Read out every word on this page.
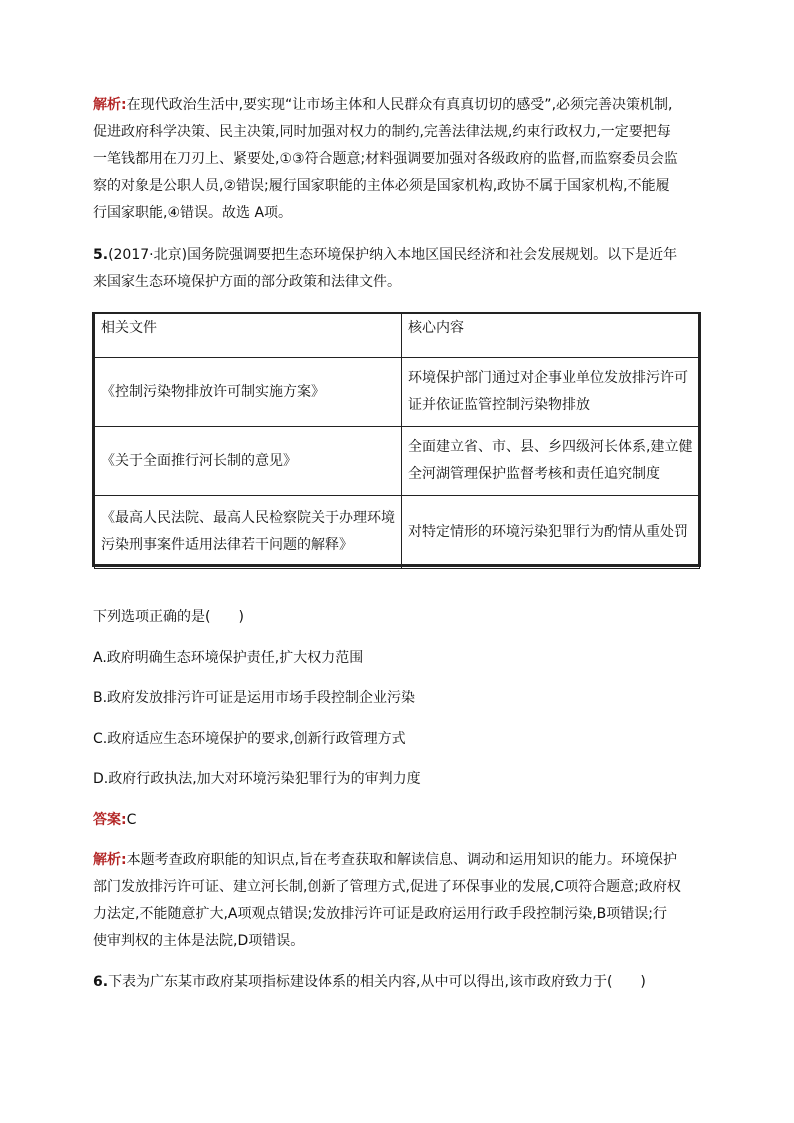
解析:在现代政治生活中,要实现“让市场主体和人民群众有真真切切的感受”,必须完善决策机制,
促进政府科学决策、民主决策,同时加强对权力的制约,完善法律法规,约束行政权力,一定要把每
一笔钱都用在刀刃上、紧要处,①③符合题意;材料强调要加强对各级政府的监督,而监察委员会监
察的对象是公职人员,②错误;履行国家职能的主体必须是国家机构,政协不属于国家机构,不能履
行国家职能,④错误。故选 A项。
5.(2017·北京)国务院强调要把生态环境保护纳入本地区国民经济和社会发展规划。以下是近年
来国家生态环境保护方面的部分政策和法律文件。
相关文件	核心内容

《控制污染物排放许可制实施方案》	环境保护部门通过对企事业单位发放排污许可
证并依证监管控制污染物排放

《关于全面推行河长制的意见》	全面建立省、市、县、乡四级河长体系,建立健
全河湖管理保护监督考核和责任追究制度

《最高人民法院、最高人民检察院关于办理环境
污染刑事案件适用法律若干问题的解释》	对特定情形的环境污染犯罪行为酌情从重处罚
下列选项正确的是(　　)
A.政府明确生态环境保护责任,扩大权力范围
B.政府发放排污许可证是运用市场手段控制企业污染
C.政府适应生态环境保护的要求,创新行政管理方式
D.政府行政执法,加大对环境污染犯罪行为的审判力度
答案:C
解析:本题考查政府职能的知识点,旨在考查获取和解读信息、调动和运用知识的能力。环境保护
部门发放排污许可证、建立河长制,创新了管理方式,促进了环保事业的发展,C项符合题意;政府权
力法定,不能随意扩大,A项观点错误;发放排污许可证是政府运用行政手段控制污染,B项错误;行
使审判权的主体是法院,D项错误。
6.下表为广东某市政府某项指标建设体系的相关内容,从中可以得出,该市政府致力于(　　)
